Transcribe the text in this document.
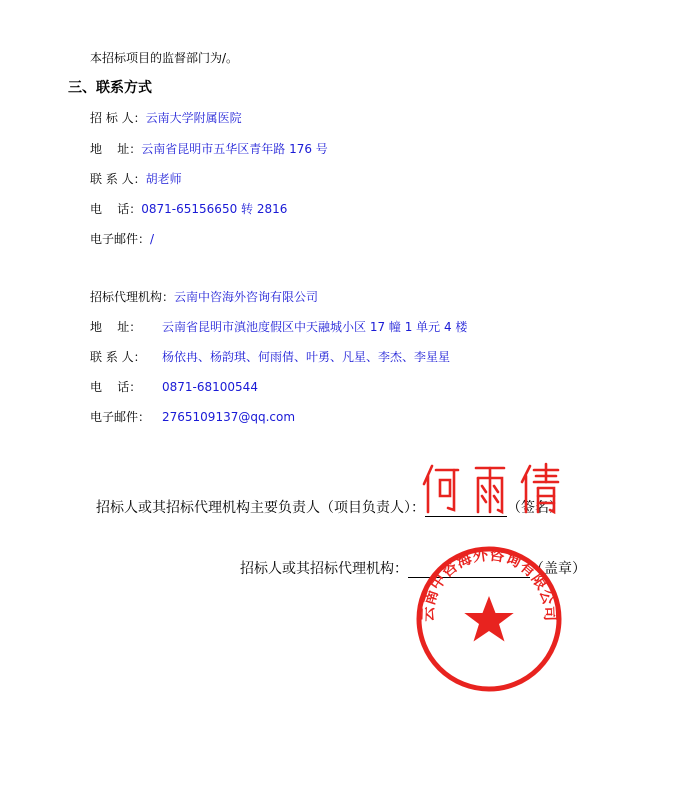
本招标项目的监督部门为/。
三、联系方式
招 标 人：云南大学附属医院
地    址：云南省昆明市五华区青年路 176 号
联 系 人：胡老师
电    话：0871-65156650 转 2816
电子邮件：/
招标代理机构：云南中咨海外咨询有限公司
地    址： 云南省昆明市滇池度假区中天融城小区 17 幢 1 单元 4 楼
联 系 人： 杨依冉、杨韵琪、何雨倩、叶勇、凡星、李杰、李星星
电    话： 0871-68100544
电子邮件： 2765109137@qq.com
招标人或其招标代理机构主要负责人（项目负责人）：	（签名）
招标人或其招标代理机构：	（盖章）
云南中咨海外咨询有限公司
